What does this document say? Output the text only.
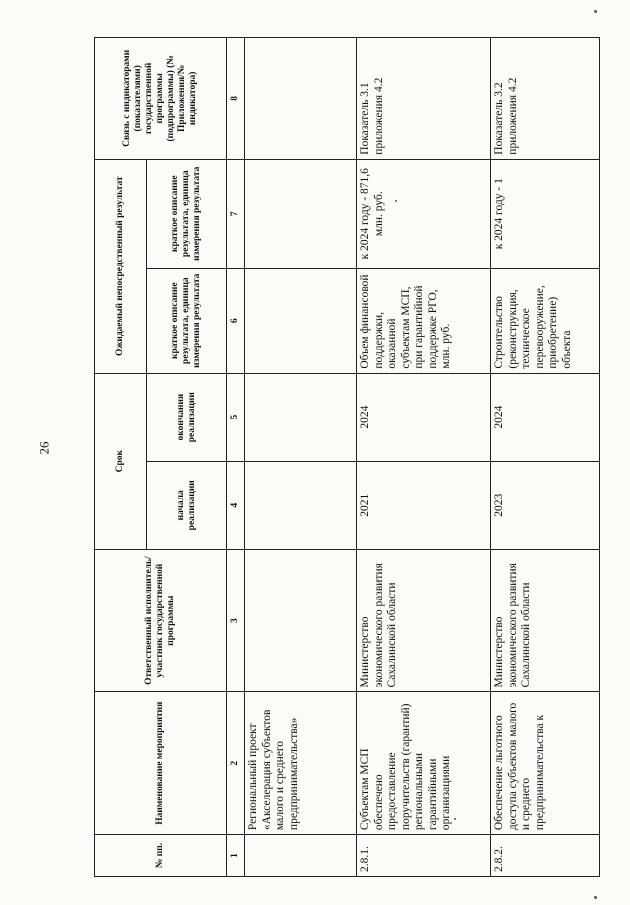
26
№ пп.	Наименование мероприятия	Ответственный исполнитель/участник государственной программы	Срок		Ожидаемый непосредственный результат		Связь с индикаторами (показателями) государственной программы (подпрограммы) (№ Приложения/№ индикатора)
			начала реализации	окончания реализации	краткое описание результата, единица измерения результата	краткое описание результата, единица измерения результата	
1	2	3	4	5	6	7	8
	Региональный проект «Акселерация субъектов малого и среднего предпринимательства»						
2.8.1.	Субъектам МСП обеспечено предоставление поручительств (гарантий) региональными гарантийными организациями	Министерство экономического развития Сахалинской области	2021	2024	Объем финансовой поддержки, оказанной субъектам МСП, при гарантийной поддержке РГО, млн. руб.	к 2024 году - 871,6 млн. руб.	Показатель 3.1 приложения 4.2
2.8.2.	Обеспечение льготного доступа субъектов малого и среднего предпринимательства к	Министерство экономического развития Сахалинской области	2023	2024	Строительство (реконструкция, техническое перевооружение, приобретение) объекта	к 2024 году - 1	Показатель 3.2 приложения 4.2
